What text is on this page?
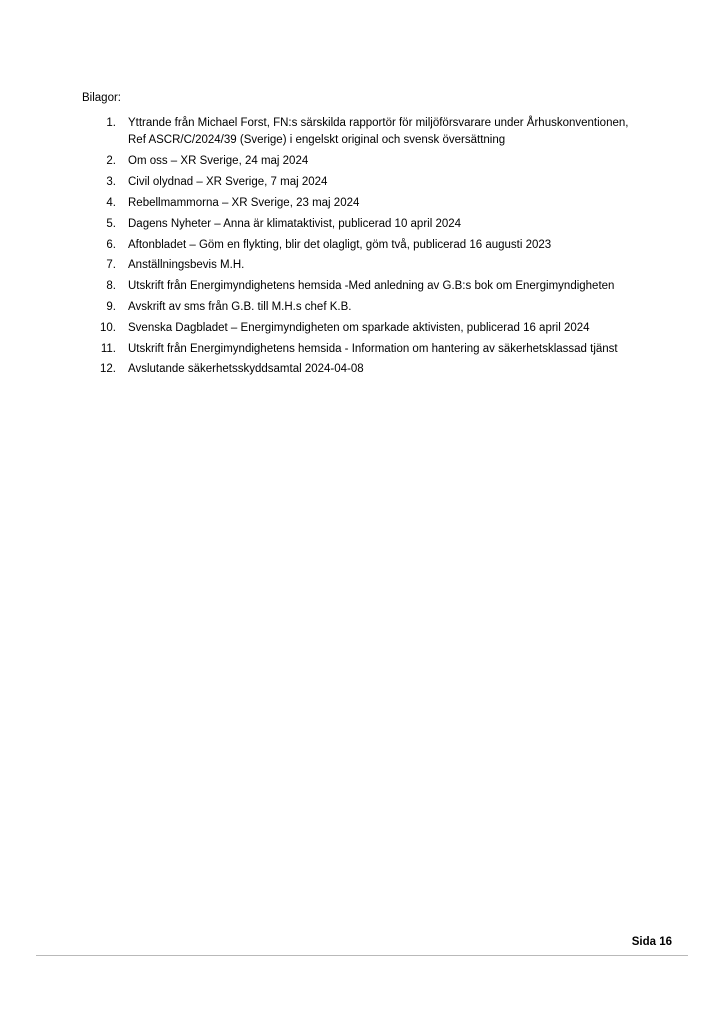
Bilagor:

1. Yttrande från Michael Forst, FN:s särskilda rapportör för miljöförsvarare under Århuskonventionen, Ref ASCR/C/2024/39 (Sverige) i engelskt original och svensk översättning
2. Om oss – XR Sverige, 24 maj 2024
3. Civil olydnad – XR Sverige, 7 maj 2024
4. Rebellmammorna – XR Sverige, 23 maj 2024
5. Dagens Nyheter – Anna är klimataktivist, publicerad 10 april 2024
6. Aftonbladet – Göm en flykting, blir det olagligt, göm två, publicerad 16 augusti 2023
7. Anställningsbevis M.H.
8. Utskrift från Energimyndighetens hemsida -Med anledning av G.B:s bok om Energimyndigheten
9. Avskrift av sms från G.B. till M.H.s chef K.B.
10. Svenska Dagbladet – Energimyndigheten om sparkade aktivisten, publicerad 16 april 2024
11. Utskrift från Energimyndighetens hemsida - Information om hantering av säkerhetsklassad tjänst
12. Avslutande säkerhetsskyddsamtal 2024-04-08
Sida 16
